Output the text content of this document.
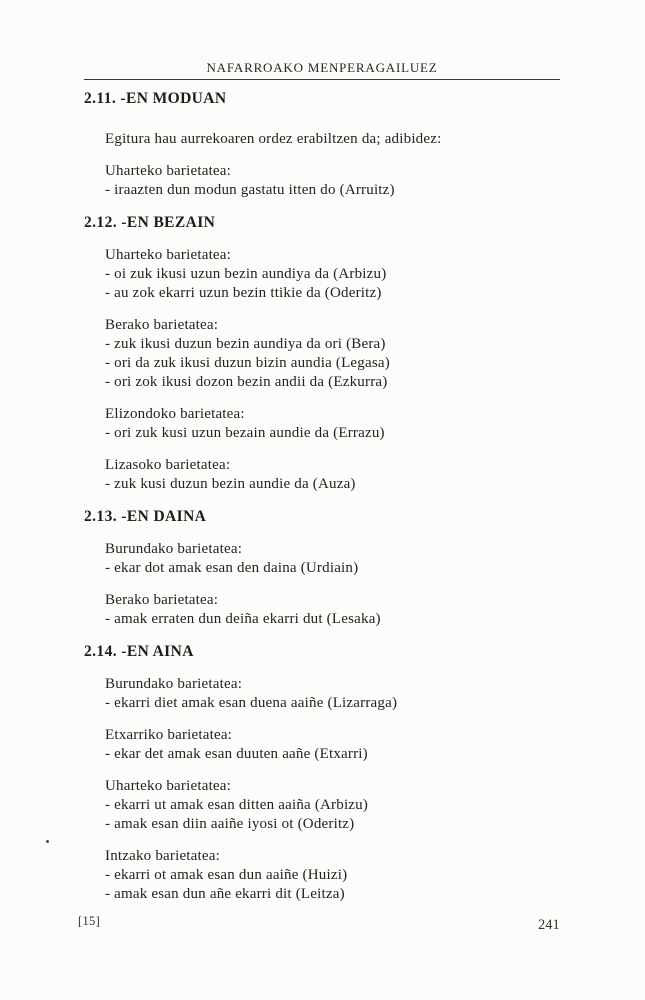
NAFARROAKO MENPERAGAILUEZ
2.11. -EN MODUAN

Egitura hau aurrekoaren ordez erabiltzen da; adibidez:

Uharteko barietatea:
- iraazten dun modun gastatu itten do (Arruitz)
2.12. -EN BEZAIN
Uharteko barietatea:
- oi zuk ikusi uzun bezin aundiya da (Arbizu)
- au zok ekarri uzun bezin ttikie da (Oderitz)
Berako barietatea:
- zuk ikusi duzun bezin aundiya da ori (Bera)
- ori da zuk ikusi duzun bizin aundia (Legasa)
- ori zok ikusi dozon bezin andii da (Ezkurra)
Elizondoko barietatea:
- ori zuk kusi uzun bezain aundie da (Errazu)
Lizasoko barietatea:
- zuk kusi duzun bezin aundie da (Auza)
2.13. -EN DAINA
Burundako barietatea:
- ekar dot amak esan den daina (Urdiain)
Berako barietatea:
- amak erraten dun deiña ekarri dut (Lesaka)
2.14. -EN AINA
Burundako barietatea:
- ekarri diet amak esan duena aaiñe (Lizarraga)
Etxarriko barietatea:
- ekar det amak esan duuten aañe (Etxarri)
Uharteko barietatea:
- ekarri ut amak esan ditten aaiña (Arbizu)
- amak esan diin aaiñe iyosi ot (Oderitz)
Intzako barietatea:
- ekarri ot amak esan dun aaiñe (Huizi)
- amak esan dun añe ekarri dit (Leitza)
[15]	241
